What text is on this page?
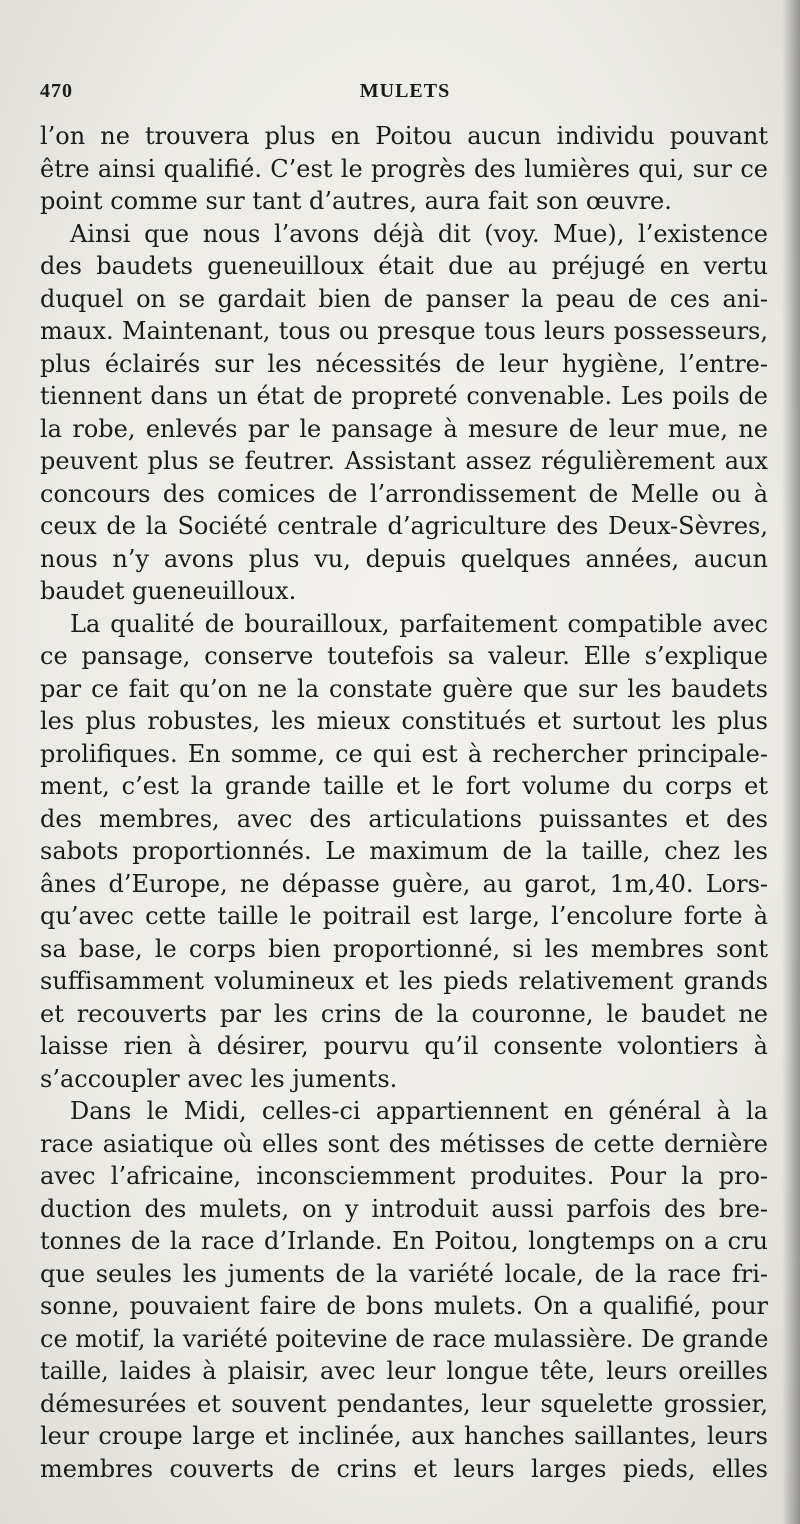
470	MULETS
l’on ne trouvera plus en Poitou aucun individu pouvant
être ainsi qualifié. C’est le progrès des lumières qui, sur ce
point comme sur tant d’autres, aura fait son œuvre.
Ainsi que nous l’avons déjà dit (voy. Mue), l’existence
des baudets gueneuilloux était due au préjugé en vertu
duquel on se gardait bien de panser la peau de ces ani-
maux. Maintenant, tous ou presque tous leurs possesseurs,
plus éclairés sur les nécessités de leur hygiène, l’entre-
tiennent dans un état de propreté convenable. Les poils de
la robe, enlevés par le pansage à mesure de leur mue, ne
peuvent plus se feutrer. Assistant assez régulièrement aux
concours des comices de l’arrondissement de Melle ou à
ceux de la Société centrale d’agriculture des Deux-Sèvres,
nous n’y avons plus vu, depuis quelques années, aucun
baudet gueneuilloux.
La qualité de bourailloux, parfaitement compatible avec
ce pansage, conserve toutefois sa valeur. Elle s’explique
par ce fait qu’on ne la constate guère que sur les baudets
les plus robustes, les mieux constitués et surtout les plus
prolifiques. En somme, ce qui est à rechercher principale-
ment, c’est la grande taille et le fort volume du corps et
des membres, avec des articulations puissantes et des
sabots proportionnés. Le maximum de la taille, chez les
ânes d’Europe, ne dépasse guère, au garot, 1m,40. Lors-
qu’avec cette taille le poitrail est large, l’encolure forte à
sa base, le corps bien proportionné, si les membres sont
suffisamment volumineux et les pieds relativement grands
et recouverts par les crins de la couronne, le baudet ne
laisse rien à désirer, pourvu qu’il consente volontiers à
s’accoupler avec les juments.
Dans le Midi, celles-ci appartiennent en général à la
race asiatique où elles sont des métisses de cette dernière
avec l’africaine, inconsciemment produites. Pour la pro-
duction des mulets, on y introduit aussi parfois des bre-
tonnes de la race d’Irlande. En Poitou, longtemps on a cru
que seules les juments de la variété locale, de la race fri-
sonne, pouvaient faire de bons mulets. On a qualifié, pour
ce motif, la variété poitevine de race mulassière. De grande
taille, laides à plaisir, avec leur longue tête, leurs oreilles
démesurées et souvent pendantes, leur squelette grossier,
leur croupe large et inclinée, aux hanches saillantes, leurs
membres couverts de crins et leurs larges pieds, elles
